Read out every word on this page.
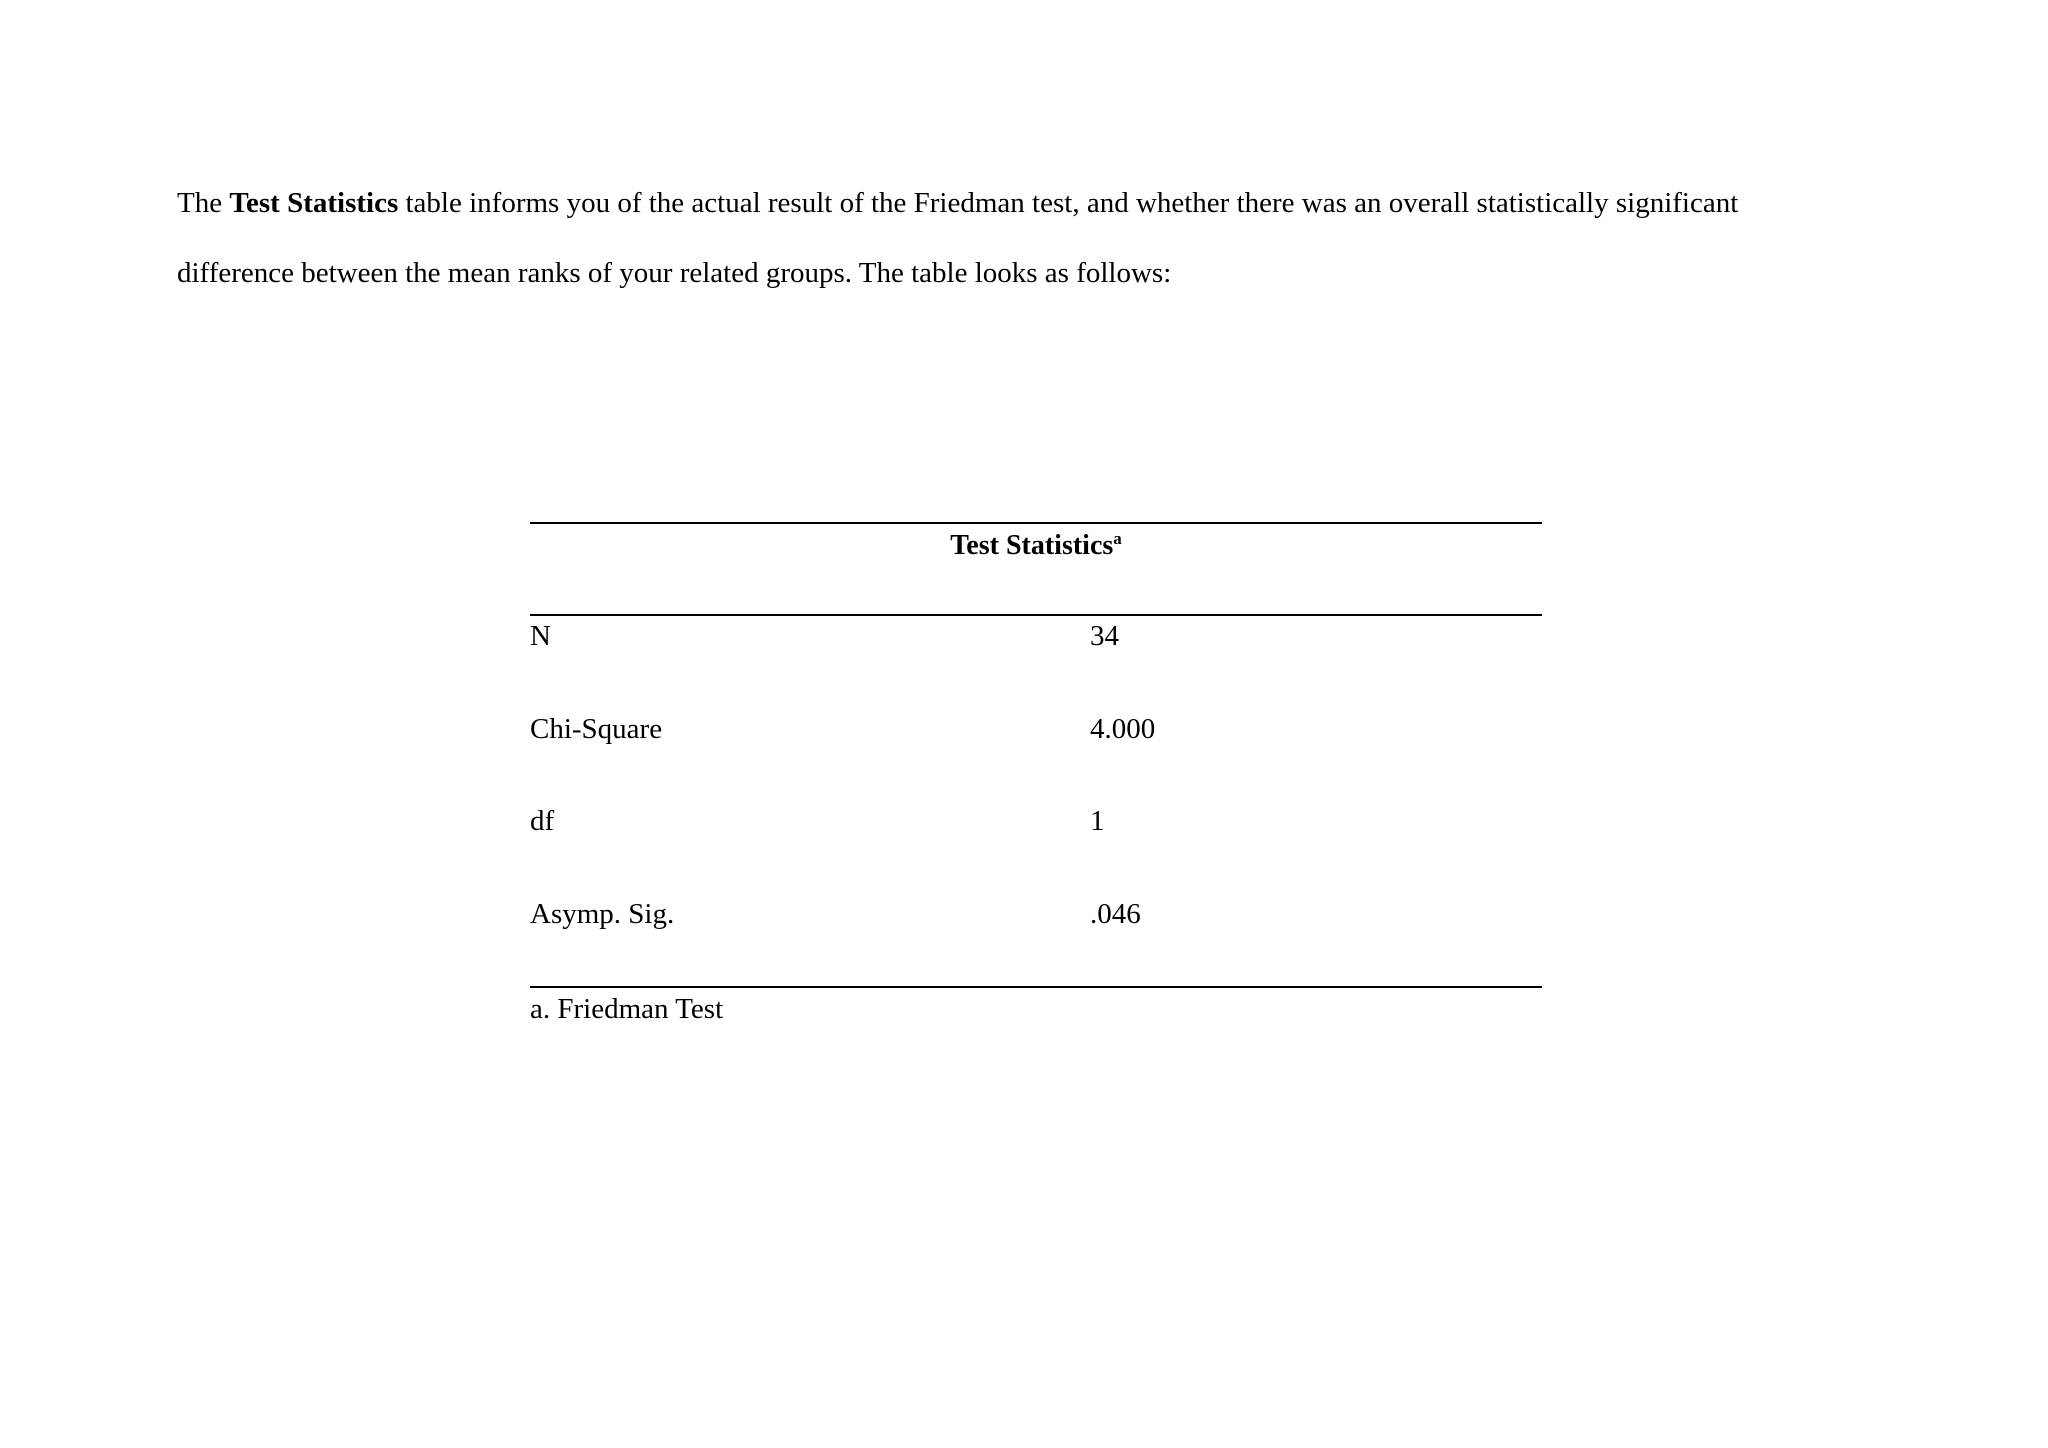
The Test Statistics table informs you of the actual result of the Friedman test, and whether there was an overall statistically significant
difference between the mean ranks of your related groups. The table looks as follows:
Test Statistics$^a$
N	34
Chi-Square	4.000
df	1
Asymp. Sig.	.046
a. Friedman Test
